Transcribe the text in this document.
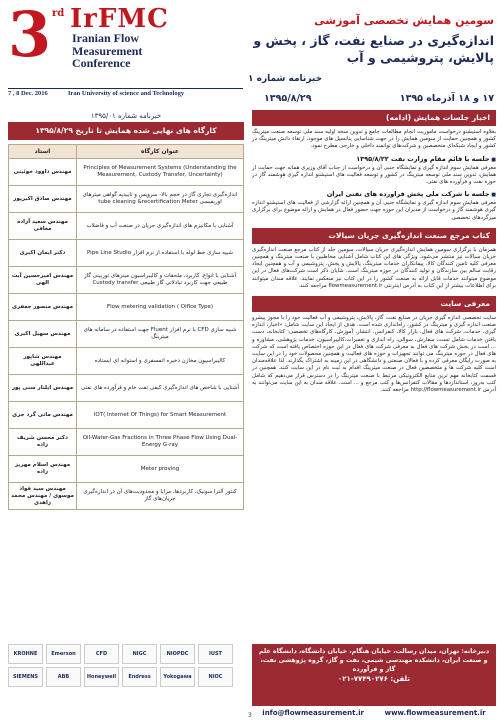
3 rd IrFMC
Iranian Flow
Measurement
Conference
7 , 8 Dec. 2016	Iran University of science and Technology
سومین همایش تخصصی آموزشی
اندازه‌گیری در صنایع نفت، گاز ، پخش و پالایش، پتروشیمی و آب
خبرنامه شماره ۱
۱۷ و ۱۸ آذرماه ۱۳۹۵
۱۳۹۵/۸/۲۹
خبرنامه شماره ۱۳۹۵/۰۱
کارگاه های نهایی شده همایش تا تاریخ ۱۳۹۵/۸/۲۹
استاد	عنوان کارگاه
مهندس داوود خوئینی	Principles of Measurement Systems (Understanding the Measurement, Custody Transfer, Uncertainty)
مهندس صادق اکبرپور	اندازه‌گیری تجاری گاز در حجم بالا- سرویس و تاییدیه گواهی میترهای اوریفیسی tube cleaning &recertification Meter
مهندس سعید آزاده معافی	آشنایی با مکانیزم های اندازه‌گیری جریان در صنعت آب و فاضلاب
دکتر ایمان اکبری	شبیه سازی خط لوله با استفاده از نرم افزار Pipe Line Studio
مهندس امیرحسین آیت الهی	آشنایی با انواع، کاربرد، ملحقات و کالیبراسیون میترهای توربینی گاز طبیعی جهت کاربرد تبادلاتی گاز طبیعی Custody transfer
مهندس منصور جعفری	Flow metering validation ( Oiflce Type)
مهندس سهیل اکبری	شبیه سازی CFD با نرم افزار Fluent جهت استفاده در سامانه های میترینگ
مهندس شاپور عبداللهی	کالیبراسیون مخازن ذخیره اتمسفری و استوانه ای ایستاده
مهندس ایلنار سنی پور	آشنایی با شاخص های اندازه‌گیری کیفی نفت خام و فرآورده های نفتی
مهندس ماتی گرد جزی	IOT( Internet Of Things) for Smart Measurement
دکتر محسن شریف زاده	Oil-Water-Gas Fractions in Three Phase Flow Using Dual-Energy G-ray
مهندس اسلام مهریز زاده	Meter proving
مهندس سید فواد موسوی / مهندس محمد زاهدی	کنتور آلترا سونیک، کاربردها، مزایا و محدودیت‌های آن در اندازه‌گیری جریان‌های گاز
اخبار جلسات همایش (ادامه)
بعلاوه استیشنو درخواست ماموریت انجام مطالعات جامع و تدوین سخه اولیه سند ملی توسعه صنعت میترینگ کشور و همچنین حمایت از سومین همایش را در جهت شناسایی پتانسیل های موجود، ارتقاء دانش میترینگ در کشور و ایجاد شبکه‌ای متخصصین و شرکت‌های توانمند داخلی و خارجی مطرح نمود.
■ جلسه با قائم مقام وزارت نفت ۱۳۹۵/۸/۲۲
معرفی همایش سوم اندازه گیری و نمایشگاه جنبی آن و درخواست از جناب آقای وزیری همانه جهت حمایت از همایش، تدوین سند ملی توسعه میترینگ در کشور و توسعه فعالیت های استیشنو اندازه گیری هوشمند گاز در حوزه نفت و فرآورده های نفتی.
■ جلسه با شرکت ملی پخش فراورده های نفتی ایران
معرفی همایش سوم اندازه گیری و نمایشگاه جنبی آن و همچنین ارائه گزارشی از فعالیت های استیشنو اندازه گیری هوشمند گاز و درخواست از مدیران این حوزه جهت حضور فعال در همایش و ارائه موضوع برای برگزاری میزگردهای تخصصی
کتاب مرجع صنعت اندازه‌گیری جریان سیالات
همزمان با برگزاری سومین همایش اندازه‌گیری جریان سیالات، سومین جلد از کتاب مرجع صنعت اندازه‌گیری جریان سیالات نیز منتشر می‌شود. ویژگی های این کتاب شامل آشنایی مخاطبین با صنعت میترینگ و همچنین معرفی کلیه تامین کنندگان کالا، پیمانکاران خدمات میترینگ، پالایش و پخش، پتروشیمی و آب و همچنین ایجاد رقابت سالم بین سازندگان و تولید کنندگان در حوزه میترینگ است. شایان ذکر است شرکت‌های فعال در این موضوع میتوانند خدمات قابل ارائه به صنعت کشور را در این کتاب نیز منعکس نمایند. علاقه مندان میتوانند برای اطلاعات بیشتر از این کتاب به آدرس اینترنتی flowmeasurement.ir مراجعه کنند.
معرفی سایت
سایت تخصصی اندازه گیری جریان در صنایع نفت، گاز، پالایش، پتروشیمی و آب فعالیت خود را با مجوز پیشرو صنعت اندازه گیری و میترینگ در کشور، راه‌اندازی شده است. هدف از ایجاد این سایت شامل: «اخبار، اندازه گیری، خدمات، شرکت های فعال، بازار کالا، کنفرانس، انتشار، آموزش، کارگاه‌های تخصصی: کتابخانه، دست یافتن خدمات شامل تست، سفارش، سوالی، راه اندازی و تعمیرات،کالیبراسیون، خدمات پژوهشی، مشاوره و ... است در بخش شرکت های فعال به معرفی شرکت های فعال در این حوزه اختصاص یافته است که شرکت های فعال در حوزه میترینگ می توانند تجهیزات و حوزه های فعالیت و همچنین محصولات خود را در این سایت به صورت رایگان معرفی کرده و با فعالان صنعتی و دانشگاهی در این زمینه به اشتراک بگذارند. لذا علاقه‌مندان است کلیه شرکت ها و متخصصین فعال در صنعت میترینگ اقدام به ثبت نام در این سایت کنند. همچنین در قسمت کتابخانه مهم ترین منابع الکترونیکی مرتبط با صنعت میترینگ را در دسترس قرار می‌دهیم که شامل کتب به‌روز، استانداردها و مقالات کنفرانس‌ها و کتب مرجع و ... است. علاقه مندان به این سایت می‌توانند به آدرس http://flowmeasurement.ir مراجعه کنند.
KROHNE	Emerson	CFD	NIGC	NIOPDC	IUST
SIEMENS	ABB	Honeywell	Endress	Yokogawa	NIOC
دبیرخانه: تهران، میدان رسالت، خیابان هنگام، خیابان دانشگاه، دانشگاه علم و صنعت ایران، دانشکده مهندسی شیمی، نفت و گاز، گروه پژوهشی نفت، گاز و فرآورده
تلفن: ۷۷۴۹۰۲۷۶-۰۲۱
info@flowmeasurement.ir	www.flowmeasurement.ir
3
